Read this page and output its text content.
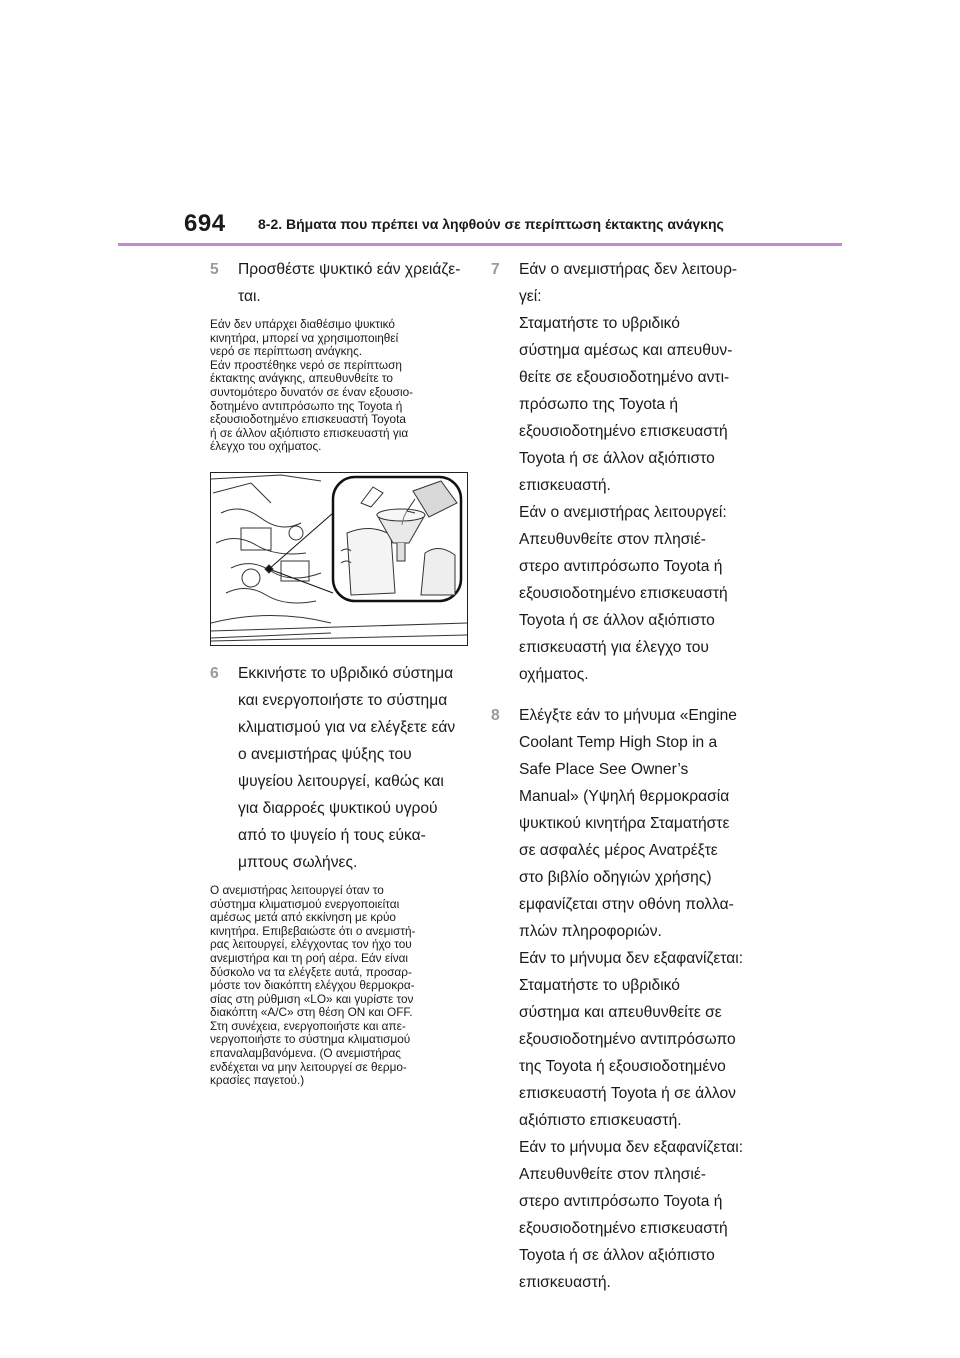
694 8-2. Βήματα που πρέπει να ληφθούν σε περίπτωση έκτακτης ανάγκης
5 Προσθέστε ψυκτικό εάν χρειάζε-
ται.

Εάν δεν υπάρχει διαθέσιμο ψυκτικό

κινητήρα, μπορεί να χρησιμοποιηθεί

νερό σε περίπτωση ανάγκης.

Εάν προστέθηκε νερό σε περίπτωση

έκτακτης ανάγκης, απευθυνθείτε το

συντομότερο δυνατόν σε έναν εξουσιο-

δοτημένο αντιπρόσωπο της Toyota ή

εξουσιοδοτημένο επισκευαστή Toyota

ή σε άλλον αξιόπιστο επισκευαστή για

έλεγχο του οχήματος.

6 Εκκινήστε το υβριδικό σύστημα
και ενεργοποιήστε το σύστημα
κλιματισμού για να ελέγξετε εάν
ο ανεμιστήρας ψύξης του
ψυγείου λειτουργεί, καθώς και
για διαρροές ψυκτικού υγρού
από το ψυγείο ή τους εύκα-
μπτους σωλήνες.

Ο ανεμιστήρας λειτουργεί όταν το

σύστημα κλιματισμού ενεργοποιείται

αμέσως μετά από εκκίνηση με κρύο

κινητήρα. Επιβεβαιώστε ότι ο ανεμιστή-

ρας λειτουργεί, ελέγχοντας τον ήχο του

ανεμιστήρα και τη ροή αέρα. Εάν είναι

δύσκολο να τα ελέγξετε αυτά, προσαρ-

μόστε τον διακόπτη ελέγχου θερμοκρα-

σίας στη ρύθμιση «LO» και γυρίστε τον

διακόπτη «A/C» στη θέση ON και OFF.

Στη συνέχεια, ενεργοποιήστε και απε-

νεργοποιήστε το σύστημα κλιματισμού

επαναλαμβανόμενα. (Ο ανεμιστήρας

ενδέχεται να μην λειτουργεί σε θερμο-

κρασίες παγετού.)

7 Εάν ο ανεμιστήρας δεν λειτουρ-
γεί:
Σταματήστε το υβριδικό
σύστημα αμέσως και απευθυν-
θείτε σε εξουσιοδοτημένο αντι-
πρόσωπο της Toyota ή
εξουσιοδοτημένο επισκευαστή
Toyota ή σε άλλον αξιόπιστο
επισκευαστή.
Εάν ο ανεμιστήρας λειτουργεί:
Απευθυνθείτε στον πλησιέ-
στερο αντιπρόσωπο Toyota ή
εξουσιοδοτημένο επισκευαστή
Toyota ή σε άλλον αξιόπιστο
επισκευαστή για έλεγχο του
οχήματος.
8 Ελέγξτε εάν το μήνυμα «Engine
Coolant Temp High Stop in a
Safe Place See Owner’s
Manual» (Υψηλή θερμοκρασία
ψυκτικού κινητήρα Σταματήστε
σε ασφαλές μέρος Ανατρέξτε
στο βιβλίο οδηγιών χρήσης)
εμφανίζεται στην οθόνη πολλα-
πλών πληροφοριών.
Εάν το μήνυμα δεν εξαφανίζεται:
Σταματήστε το υβριδικό
σύστημα και απευθυνθείτε σε
εξουσιοδοτημένο αντιπρόσωπο
της Toyota ή εξουσιοδοτημένο
επισκευαστή Toyota ή σε άλλον
αξιόπιστο επισκευαστή.
Εάν το μήνυμα δεν εξαφανίζεται:
Απευθυνθείτε στον πλησιέ-
στερο αντιπρόσωπο Toyota ή
εξουσιοδοτημένο επισκευαστή
Toyota ή σε άλλον αξιόπιστο
επισκευαστή.
